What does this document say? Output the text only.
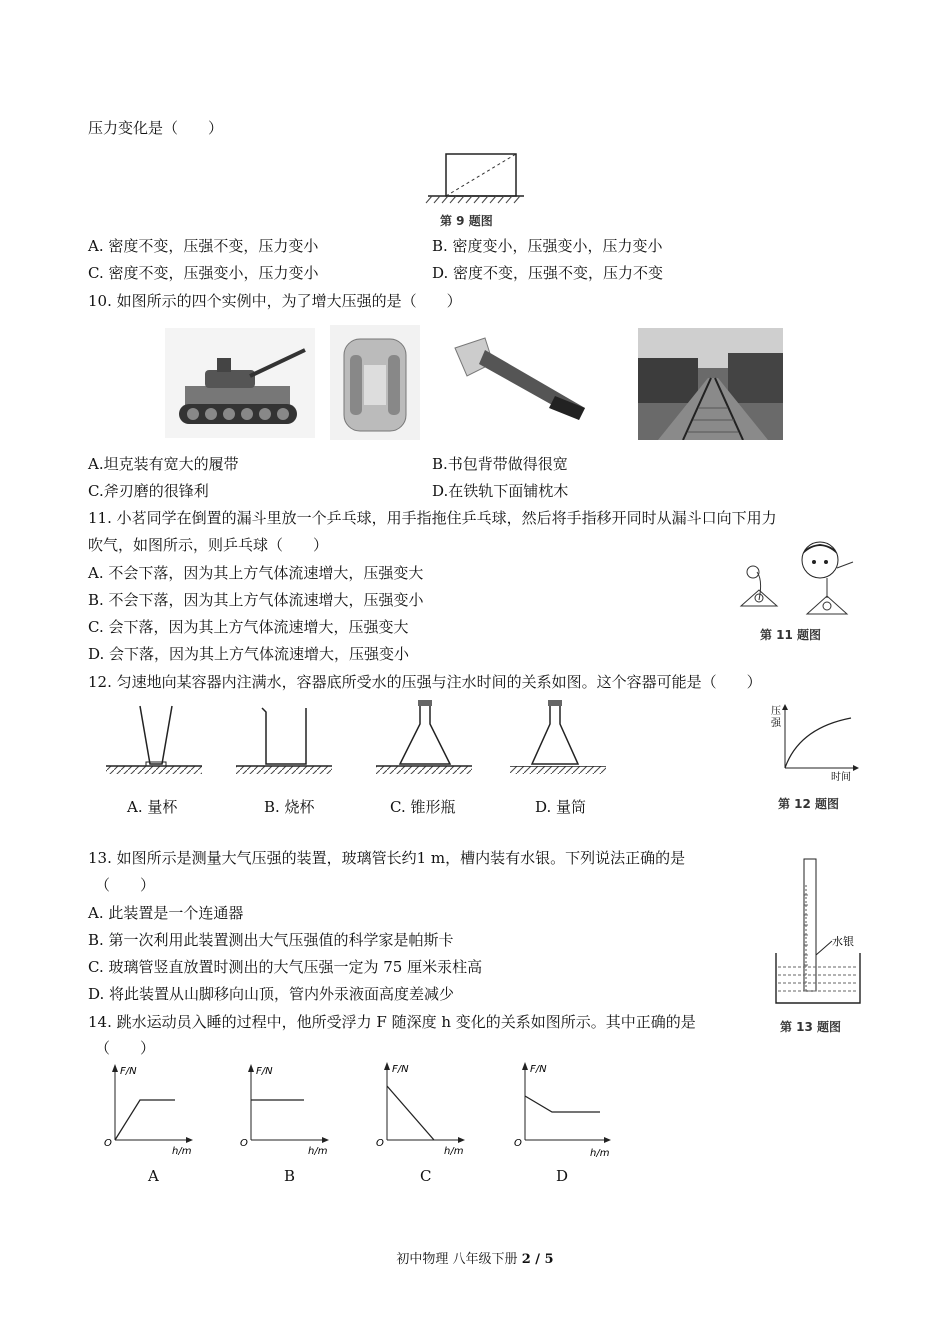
压力变化是（　　）
第 9 题图
A. 密度不变，压强不变，压力变小	B. 密度变小，压强变小，压力变小
C. 密度不变，压强变小，压力变小	D. 密度不变，压强不变，压力不变
10. 如图所示的四个实例中，为了增大压强的是（　　）
A.坦克装有宽大的履带	B.书包背带做得很宽
C.斧刃磨的很锋利	D.在铁轨下面铺枕木
11. 小茗同学在倒置的漏斗里放一个乒乓球，用手指拖住乒乓球，然后将手指移开同时从漏斗口向下用力
吹气，如图所示，则乒乓球（　　）
A. 不会下落，因为其上方气体流速增大，压强变大
B. 不会下落，因为其上方气体流速增大，压强变小
C. 会下落，因为其上方气体流速增大，压强变大
D. 会下落，因为其上方气体流速增大，压强变小
第 11 题图
12. 匀速地向某容器内注满水，容器底所受水的压强与注水时间的关系如图。这个容器可能是（　　）
A. 量杯	B. 烧杯	C. 锥形瓶	D. 量筒
压
强
时间
第 12 题图
13. 如图所示是测量大气压强的装置，玻璃管长约1 m，槽内装有水银。下列说法正确的是
（　　）
A. 此装置是一个连通器
B. 第一次利用此装置测出大气压强值的科学家是帕斯卡
C. 玻璃管竖直放置时测出的大气压强一定为 75 厘米汞柱高
D. 将此装置从山脚移向山顶，管内外汞液面高度差减少
水银
第 13 题图
14. 跳水运动员入睡的过程中，他所受浮力 F 随深度 h 变化的关系如图所示。其中正确的是
（　　）
F/N
O
h/m
F/N
O
h/m
F/N
O
h/m
F/N
O
h/m
A	B	C	D
初中物理 八年级下册 2 / 5
